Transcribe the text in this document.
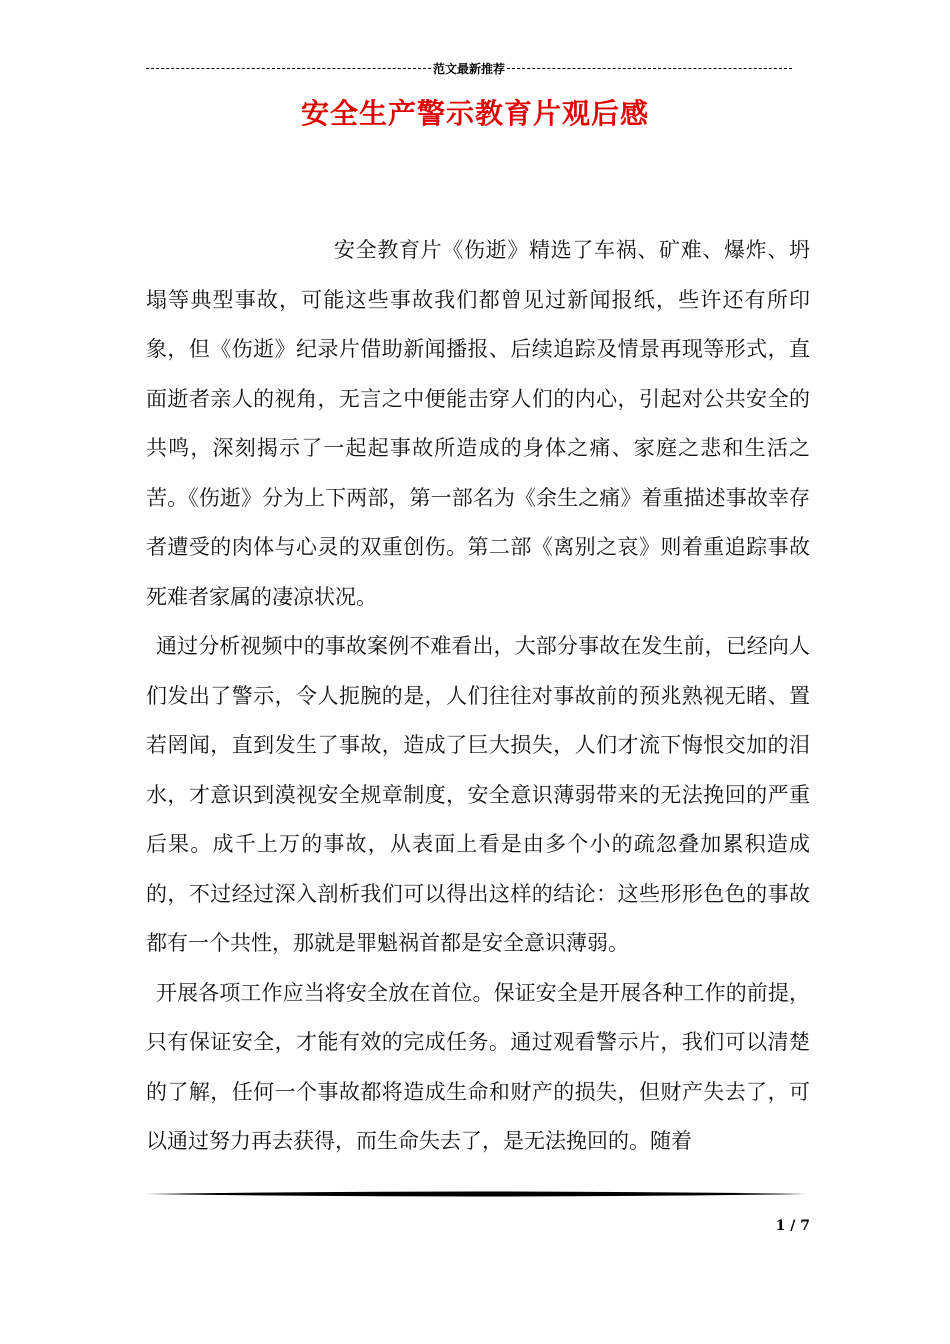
范文最新推荐
安全生产警示教育片观后感

安全教育片《伤逝》精选了车祸、矿难、爆炸、坍塌等典型事故，可能这些事故我们都曾见过新闻报纸，些许还有所印象，但《伤逝》纪录片借助新闻播报、后续追踪及情景再现等形式，直面逝者亲人的视角，无言之中便能击穿人们的内心，引起对公共安全的共鸣，深刻揭示了一起起事故所造成的身体之痛、家庭之悲和生活之苦。《伤逝》分为上下两部，第一部名为《余生之痛》着重描述事故幸存者遭受的肉体与心灵的双重创伤。第二部《离别之哀》则着重追踪事故死难者家属的凄凉状况。

通过分析视频中的事故案例不难看出，大部分事故在发生前，已经向人们发出了警示，令人扼腕的是，人们往往对事故前的预兆熟视无睹、置若罔闻，直到发生了事故，造成了巨大损失，人们才流下悔恨交加的泪水，才意识到漠视安全规章制度，安全意识薄弱带来的无法挽回的严重后果。成千上万的事故，从表面上看是由多个小的疏忽叠加累积造成的，不过经过深入剖析我们可以得出这样的结论：这些形形色色的事故都有一个共性，那就是罪魁祸首都是安全意识薄弱。

开展各项工作应当将安全放在首位。保证安全是开展各种工作的前提，只有保证安全，才能有效的完成任务。通过观看警示片，我们可以清楚的了解，任何一个事故都将造成生命和财产的损失，但财产失去了，可以通过努力再去获得，而生命失去了，是无法挽回的。随着

1 / 7
